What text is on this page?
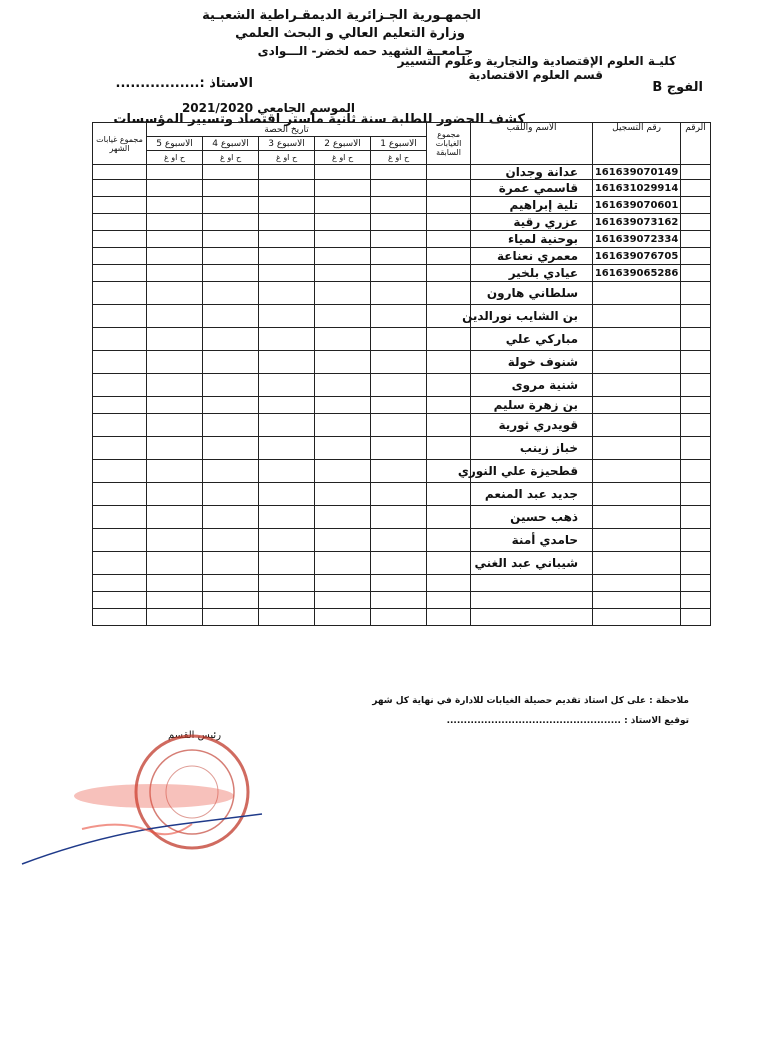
الجمهـورية الجـزائرية الديمقـراطية الشعبـية
وزارة التعليم العالي و البحث العلمي
جـامعــة الشهيد حمه لخضر- الـــوادى
كليـة العلوم الإقتصادية والتجارية وعلوم التسيير
قسم العلوم الاقتصادية
الفوج B
الاستاذ :.................
الموسم الجامعي 2021/2020
كشف الحضور للطلبة سنة ثانية ماستر اقتصاد وتسيير المؤسسات
الرقم	رقم التسجيل	الاسم واللقب	مجموع الغيابات السابقة	تاريخ الحصة					مجموع غيابات الشهر
				الاسبوع 1	الاسبوع 2	الاسبوع 3	الاسبوع 4	الاسبوع 5	
				ح او غ	ح او غ	ح او غ	ح او غ	ح او غ	
	161639070149	عدانة وجدان							
	161631029914	قاسمي عمرة							
	161639070601	تلية إبراهيم							
	161639073162	عزري رقية							
	161639072334	بوحنية لمياء							
	161639076705	معمري نعناعة							
	161639065286	عيادي بلخير							
		سلطاني هارون							
		بن الشايب نورالدين							
		مباركي علي							
		شنوف خولة							
		شنية مروى							
		بن زهرة سليم							
		قويدري ثورية							
		خباز زينب							
		قطحيزة علي النوري							
		جديد عبد المنعم							
		ذهب حسين							
		حامدي أمنة							
		شيباني عبد الغني							

ملاحظة : على كل استاذ تقديم حصيلة الغيابات للادارة في نهاية كل شهر
توقيع الاستاذ : ...................................................
رئيس القسم
